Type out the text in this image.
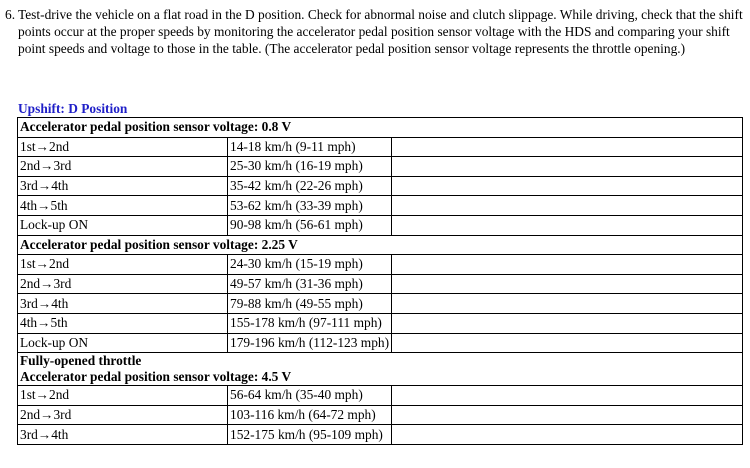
6. Test-drive the vehicle on a flat road in the D position. Check for abnormal noise and clutch slippage. While driving, check that the shift points occur at the proper speeds by monitoring the accelerator pedal position sensor voltage with the HDS and comparing your shift point speeds and voltage to those in the table. (The accelerator pedal position sensor voltage represents the throttle opening.)
Upshift: D Position
Accelerator pedal position sensor voltage: 0.8 V		

1st→2nd	14-18 km/h (9-11 mph)	
2nd→3rd	25-30 km/h (16-19 mph)	
3rd→4th	35-42 km/h (22-26 mph)	
4th→5th	53-62 km/h (33-39 mph)	
Lock-up ON	90-98 km/h (56-61 mph)	

Accelerator pedal position sensor voltage: 2.25 V		

1st→2nd	24-30 km/h (15-19 mph)	
2nd→3rd	49-57 km/h (31-36 mph)	
3rd→4th	79-88 km/h (49-55 mph)	
4th→5th	155-178 km/h (97-111 mph)	
Lock-up ON	179-196 km/h (112-123 mph)	

Fully-opened throttle
Accelerator pedal position sensor voltage: 4.5 V		

1st→2nd	56-64 km/h (35-40 mph)	
2nd→3rd	103-116 km/h (64-72 mph)	
3rd→4th	152-175 km/h (95-109 mph)	
